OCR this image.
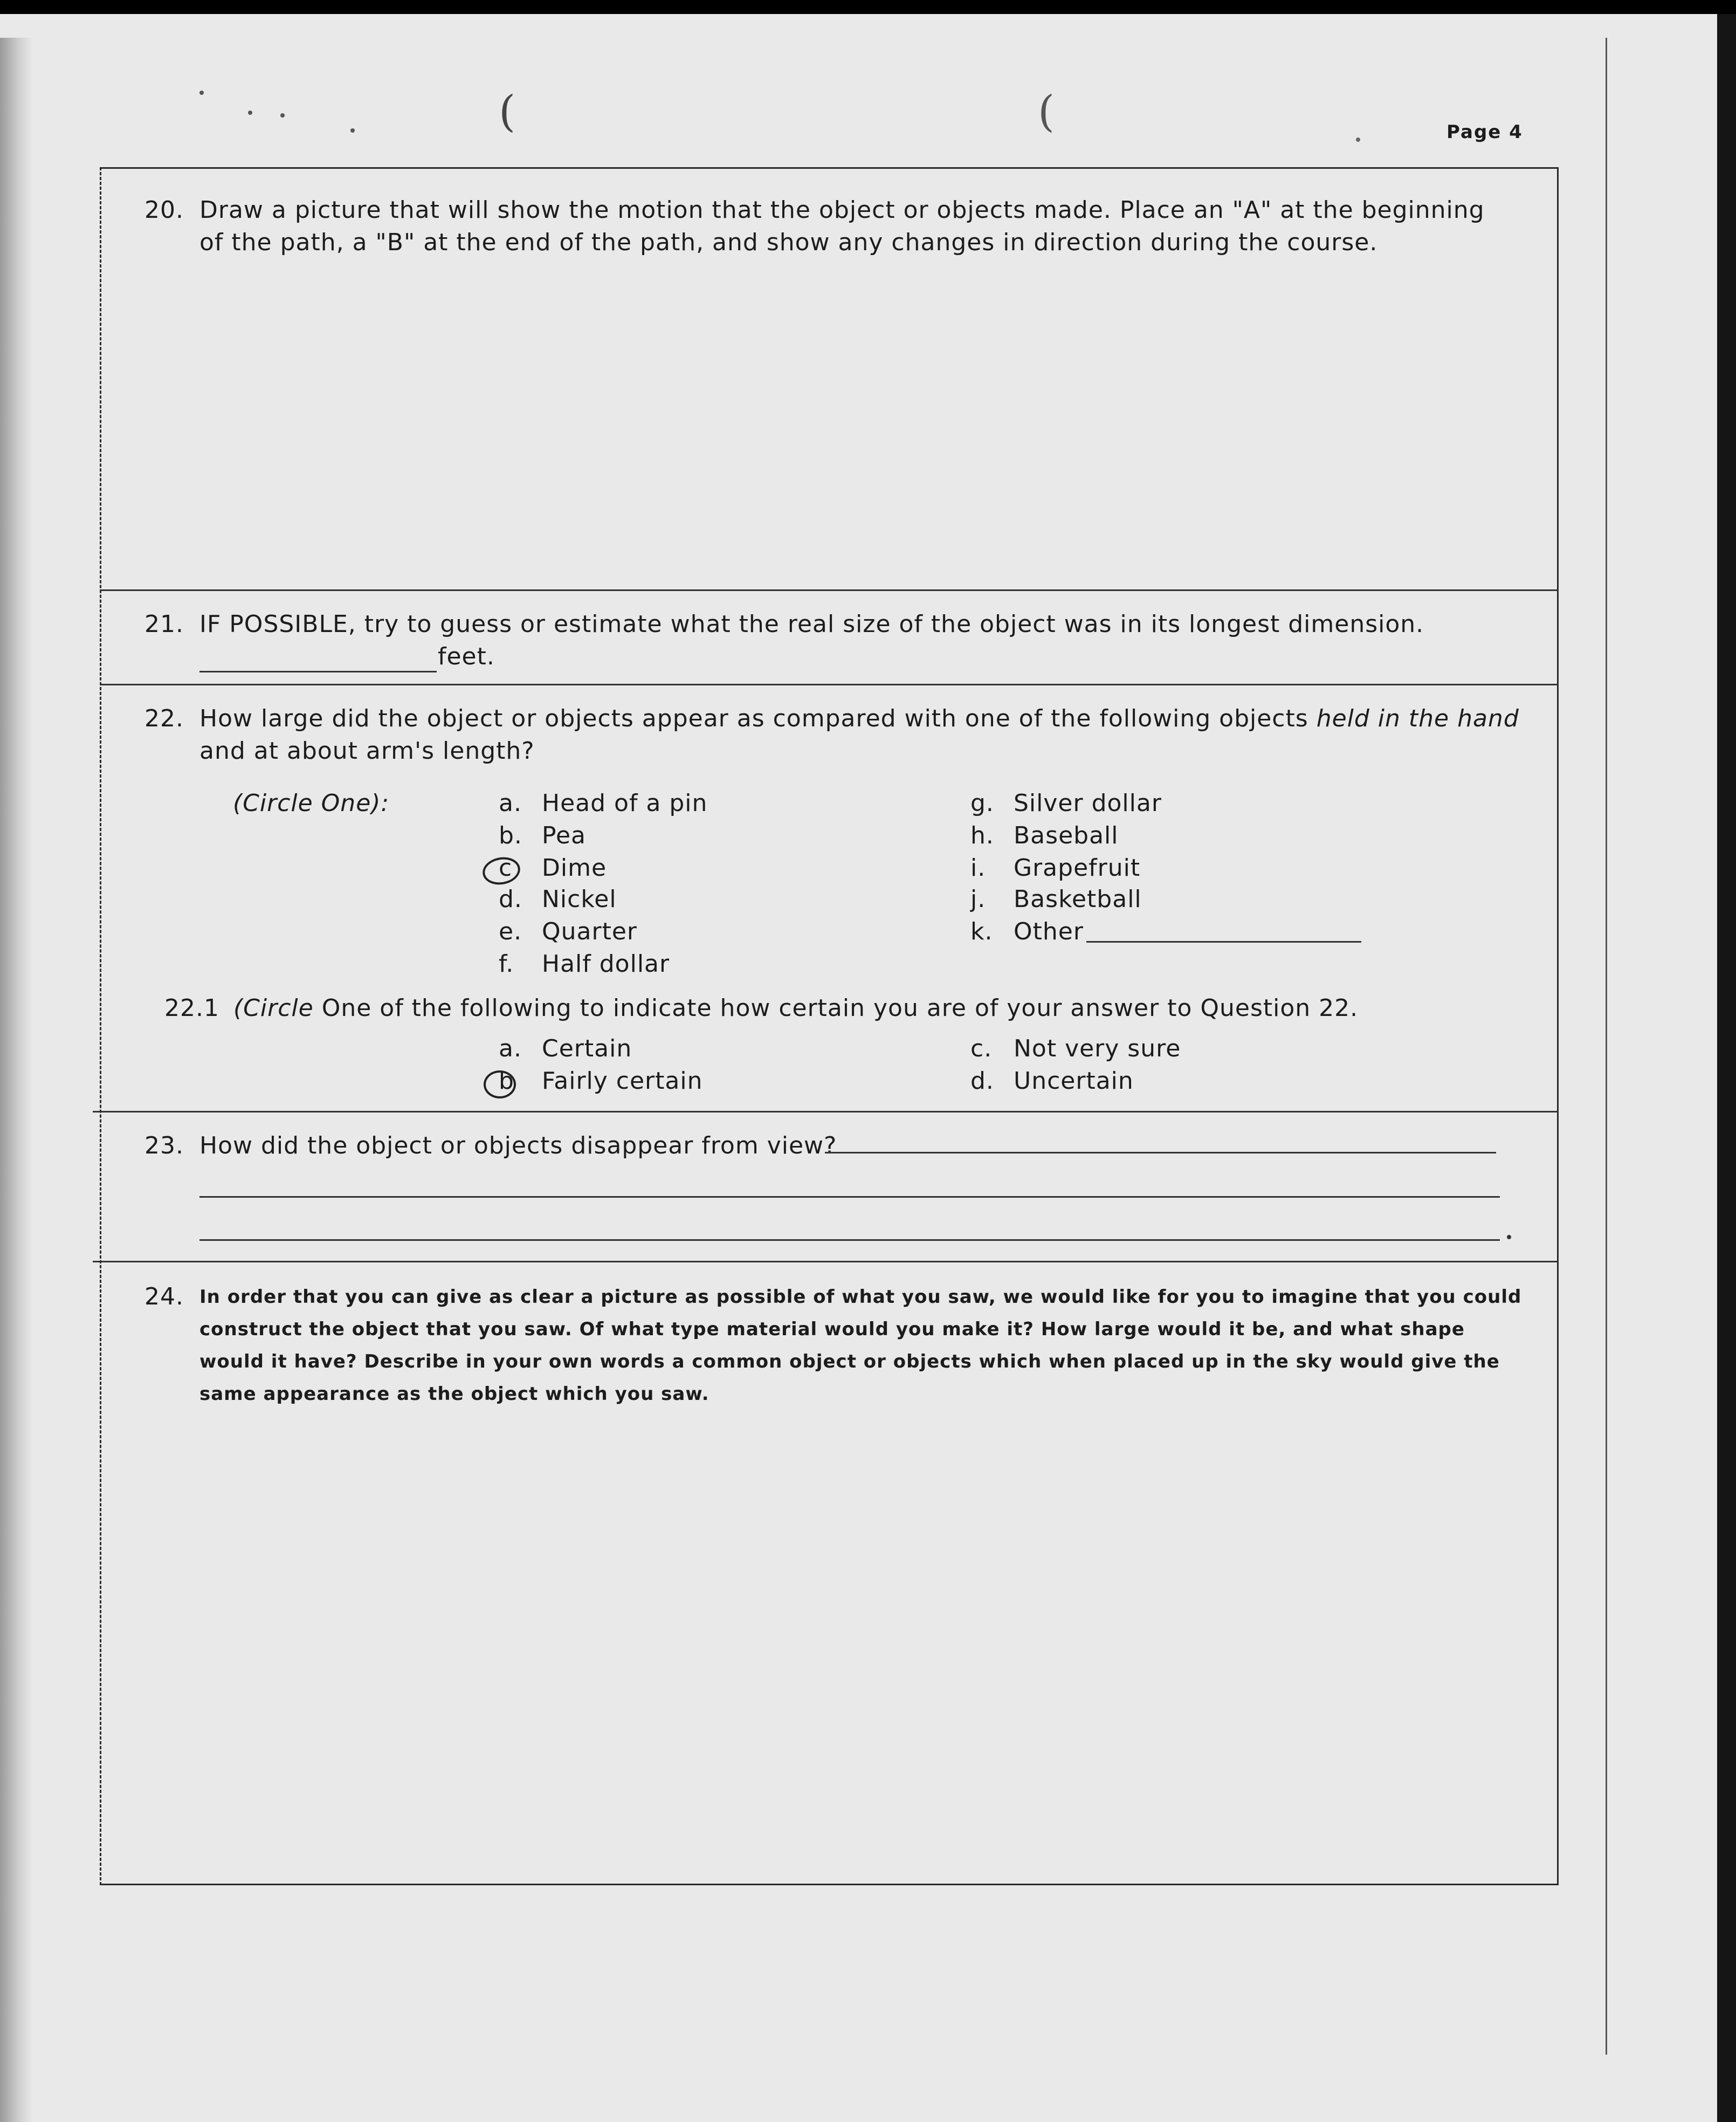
(	(	Page 4
20. Draw a picture that will show the motion that the object or objects made. Place an "A" at the beginning
of the path, a "B" at the end of the path, and show any changes in direction during the course.
21. IF POSSIBLE, try to guess or estimate what the real size of the object was in its longest dimension.
feet.
22. How large did the object or objects appear as compared with one of the following objects held in the hand
and at about arm's length?
(Circle One):	a. Head of a pin
b. Pea
c Dime
d. Nickel
e. Quarter
f. Half dollar
g. Silver dollar
h. Baseball
i. Grapefruit
j. Basketball
k. Other
22.1 (Circle One of the following to indicate how certain you are of your answer to Question 22.
a. Certain
b Fairly certain
c. Not very sure
d. Uncertain
23. How did the object or objects disappear from view?
24. In order that you can give as clear a picture as possible of what you saw, we would like for you to imagine that you could
construct the object that you saw. Of what type material would you make it? How large would it be, and what shape
would it have? Describe in your own words a common object or objects which when placed up in the sky would give the
same appearance as the object which you saw.
